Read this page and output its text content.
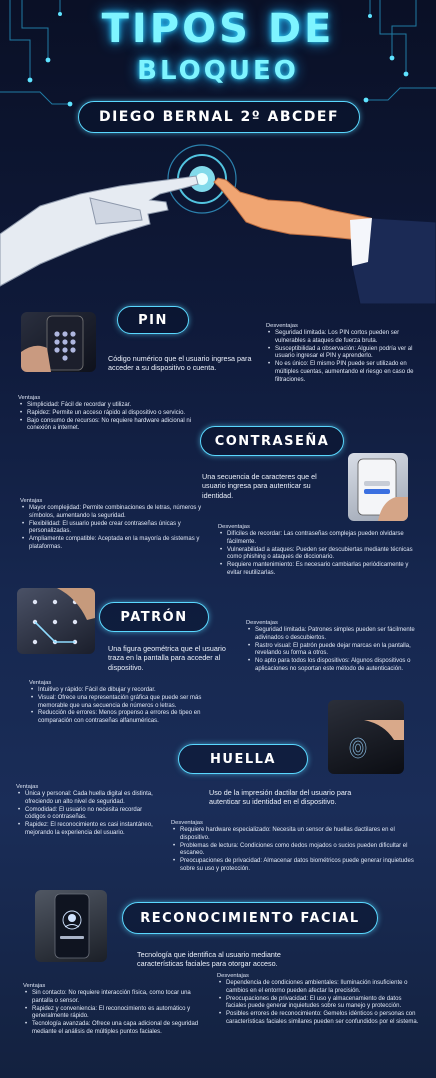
TIPOS DE
BLOQUEO
DIEGO BERNAL 2º ABCDEF
PIN
Código numérico que el usuario ingresa para acceder a su dispositivo o cuenta.
Ventajas
• Simplicidad: Fácil de recordar y utilizar.
• Rapidez: Permite un acceso rápido al dispositivo o servicio.
• Bajo consumo de recursos: No requiere hardware adicional ni conexión a internet.
Desventajas
• Seguridad limitada: Los PIN cortos pueden ser vulnerables a ataques de fuerza bruta.
• Susceptibilidad a observación: Alguien podría ver al usuario ingresar el PIN y aprenderlo.
• No es único: El mismo PIN puede ser utilizado en múltiples cuentas, aumentando el riesgo en caso de filtraciones.
CONTRASEÑA
Una secuencia de caracteres que el usuario ingresa para autenticar su identidad.
Ventajas
• Mayor complejidad: Permite combinaciones de letras, números y símbolos, aumentando la seguridad.
• Flexibilidad: El usuario puede crear contraseñas únicas y personalizadas.
• Ampliamente compatible: Aceptada en la mayoría de sistemas y plataformas.
Desventajas
• Difíciles de recordar: Las contraseñas complejas pueden olvidarse fácilmente.
• Vulnerabilidad a ataques: Pueden ser descubiertas mediante técnicas como phishing o ataques de diccionario.
• Requiere mantenimiento: Es necesario cambiarlas periódicamente y evitar reutilizarlas.
PATRÓN
Una figura geométrica que el usuario traza en la pantalla para acceder al dispositivo.
Ventajas
• Intuitivo y rápido: Fácil de dibujar y recordar.
• Visual: Ofrece una representación gráfica que puede ser más memorable que una secuencia de números o letras.
• Reducción de errores: Menos propenso a errores de tipeo en comparación con contraseñas alfanuméricas.
Desventajas
• Seguridad limitada: Patrones simples pueden ser fácilmente adivinados o descubiertos.
• Rastro visual: El patrón puede dejar marcas en la pantalla, revelando su forma a otros.
• No apto para todos los dispositivos: Algunos dispositivos o aplicaciones no soportan este método de autenticación.
HUELLA
Uso de la impresión dactilar del usuario para autenticar su identidad en el dispositivo.
Ventajas
• Única y personal: Cada huella digital es distinta, ofreciendo un alto nivel de seguridad.
• Comodidad: El usuario no necesita recordar códigos o contraseñas.
• Rapidez: El reconocimiento es casi instantáneo, mejorando la experiencia del usuario.
Desventajas
• Requiere hardware especializado: Necesita un sensor de huellas dactilares en el dispositivo.
• Problemas de lectura: Condiciones como dedos mojados o sucios pueden dificultar el escaneo.
• Preocupaciones de privacidad: Almacenar datos biométricos puede generar inquietudes sobre su uso y protección.
RECONOCIMIENTO FACIAL
Tecnología que identifica al usuario mediante características faciales para otorgar acceso.
Ventajas
• Sin contacto: No requiere interacción física, como tocar una pantalla o sensor.
• Rapidez y conveniencia: El reconocimiento es automático y generalmente rápido.
• Tecnología avanzada: Ofrece una capa adicional de seguridad mediante el análisis de múltiples puntos faciales.
Desventajas
• Dependencia de condiciones ambientales: Iluminación insuficiente o cambios en el entorno pueden afectar la precisión.
• Preocupaciones de privacidad: El uso y almacenamiento de datos faciales puede generar inquietudes sobre su manejo y protección.
• Posibles errores de reconocimiento: Gemelos idénticos o personas con características faciales similares pueden ser confundidos por el sistema.
